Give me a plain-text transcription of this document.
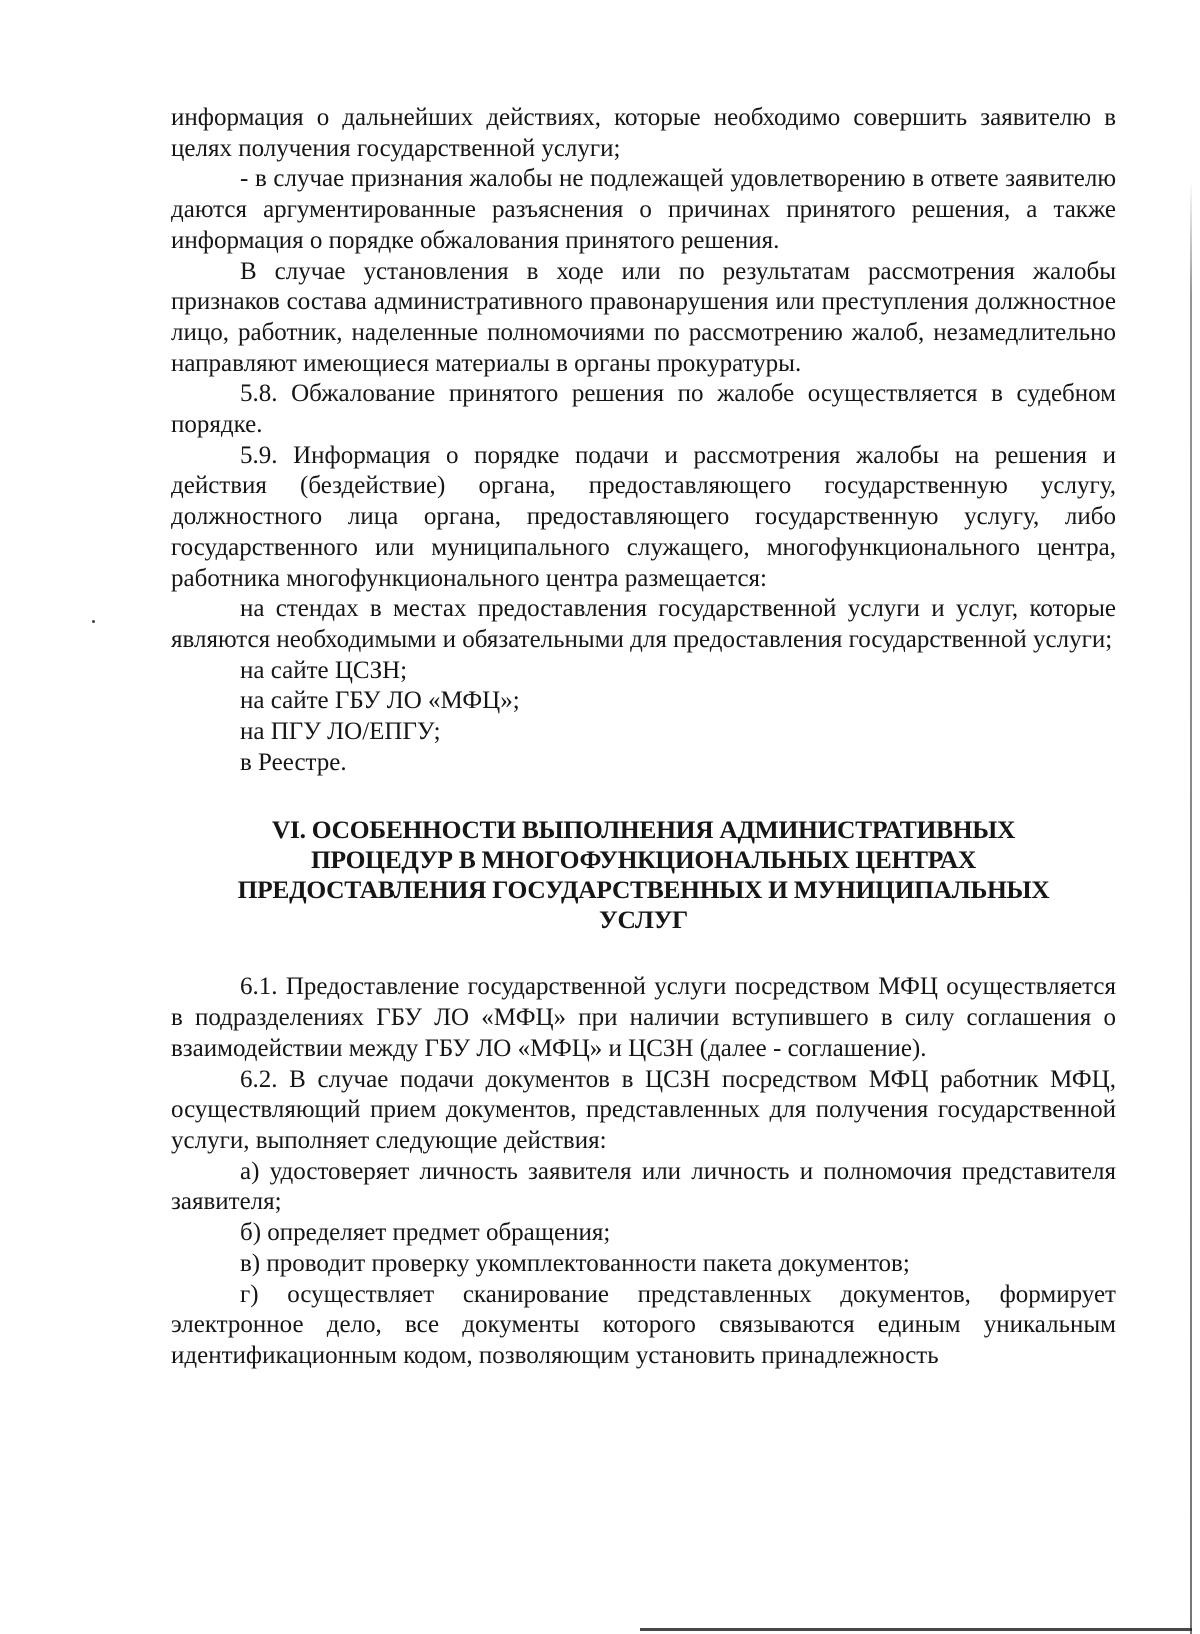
информация о дальнейших действиях, которые необходимо совершить заявителю в целях получения государственной услуги;

- в случае признания жалобы не подлежащей удовлетворению в ответе заявителю даются аргументированные разъяснения о причинах принятого решения, а также информация о порядке обжалования принятого решения.

В случае установления в ходе или по результатам рассмотрения жалобы признаков состава административного правонарушения или преступления должностное лицо, работник, наделенные полномочиями по рассмотрению жалоб, незамедлительно направляют имеющиеся материалы в органы прокуратуры.

5.8. Обжалование принятого решения по жалобе осуществляется в судебном порядке.

5.9. Информация о порядке подачи и рассмотрения жалобы на решения и действия (бездействие) органа, предоставляющего государственную услугу, должностного лица органа, предоставляющего государственную услугу, либо государственного или муниципального служащего, многофункционального центра, работника многофункционального центра размещается:

на стендах в местах предоставления государственной услуги и услуг, которые являются необходимыми и обязательными для предоставления государственной услуги;

на сайте ЦСЗН;

на сайте ГБУ ЛО «МФЦ»;

на ПГУ ЛО/ЕПГУ;

в Реестре.

VI. ОСОБЕННОСТИ ВЫПОЛНЕНИЯ АДМИНИСТРАТИВНЫХ
ПРОЦЕДУР В МНОГОФУНКЦИОНАЛЬНЫХ ЦЕНТРАХ
ПРЕДОСТАВЛЕНИЯ ГОСУДАРСТВЕННЫХ И МУНИЦИПАЛЬНЫХ
УСЛУГ

6.1. Предоставление государственной услуги посредством МФЦ осуществляется в подразделениях ГБУ ЛО «МФЦ» при наличии вступившего в силу соглашения о взаимодействии между ГБУ ЛО «МФЦ» и ЦСЗН (далее - соглашение).

6.2. В случае подачи документов в ЦСЗН посредством МФЦ работник МФЦ, осуществляющий прием документов, представленных для получения государственной услуги, выполняет следующие действия:

а) удостоверяет личность заявителя или личность и полномочия представителя заявителя;

б) определяет предмет обращения;

в) проводит проверку укомплектованности пакета документов;

г) осуществляет сканирование представленных документов, формирует электронное дело, все документы которого связываются единым уникальным идентификационным кодом, позволяющим установить принадлежность
